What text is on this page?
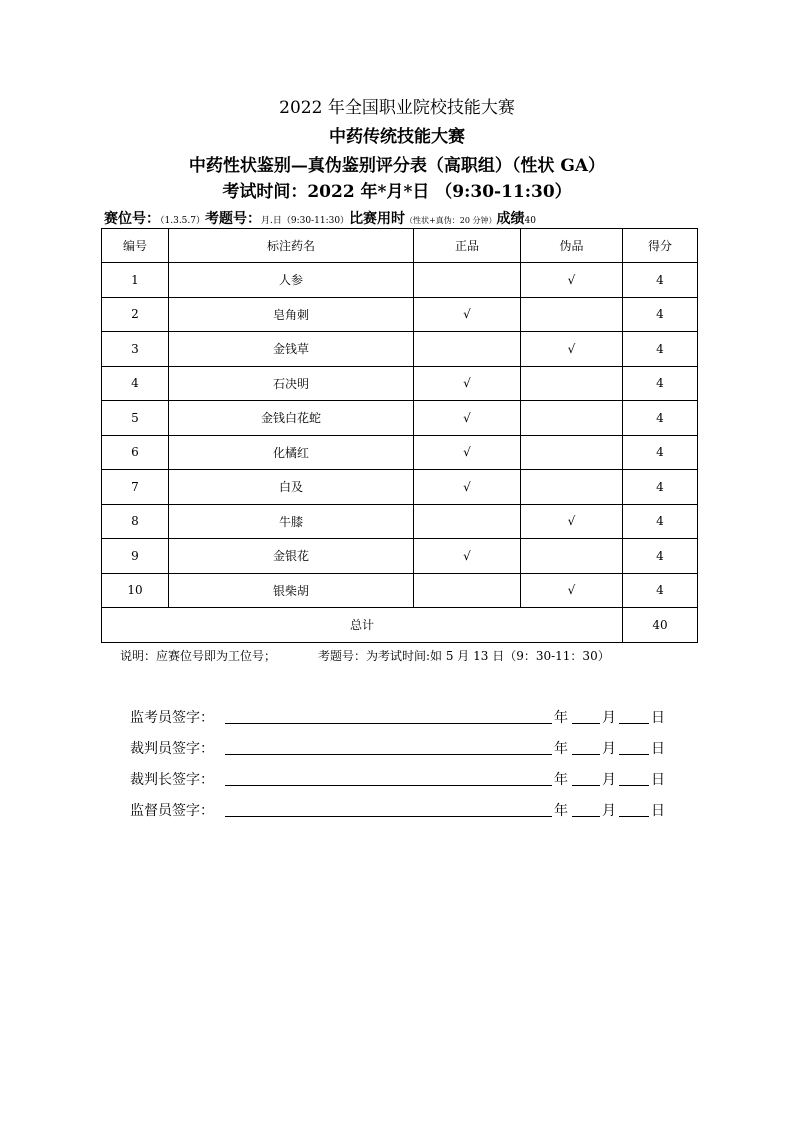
2022 年全国职业院校技能大赛
中药传统技能大赛
中药性状鉴别—真伪鉴别评分表（高职组）（性状 GA）
考试时间：2022 年*月*日 （9:30-11:30）
赛位号：（1.3.5.7）考题号：月.日（9:30-11:30）比赛用时（性状+真伪：20 分钟）成绩40
编号	标注药名	正品	伪品	得分
1	人参		√	4
2	皂角刺	√		4
3	金钱草		√	4
4	石决明	√		4
5	金钱白花蛇	√		4
6	化橘红	√		4
7	白及	√		4
8	牛膝		√	4
9	金银花	√		4
10	银柴胡		√	4
总计				40
说明：应赛位号即为工位号；　　　　考题号：为考试时间:如 5 月 13 日（9：30-11：30）
监考员签字：	年 月	日
裁判员签字：	年 月	日
裁判长签字：	年 月	日
监督员签字：	年 月	日
